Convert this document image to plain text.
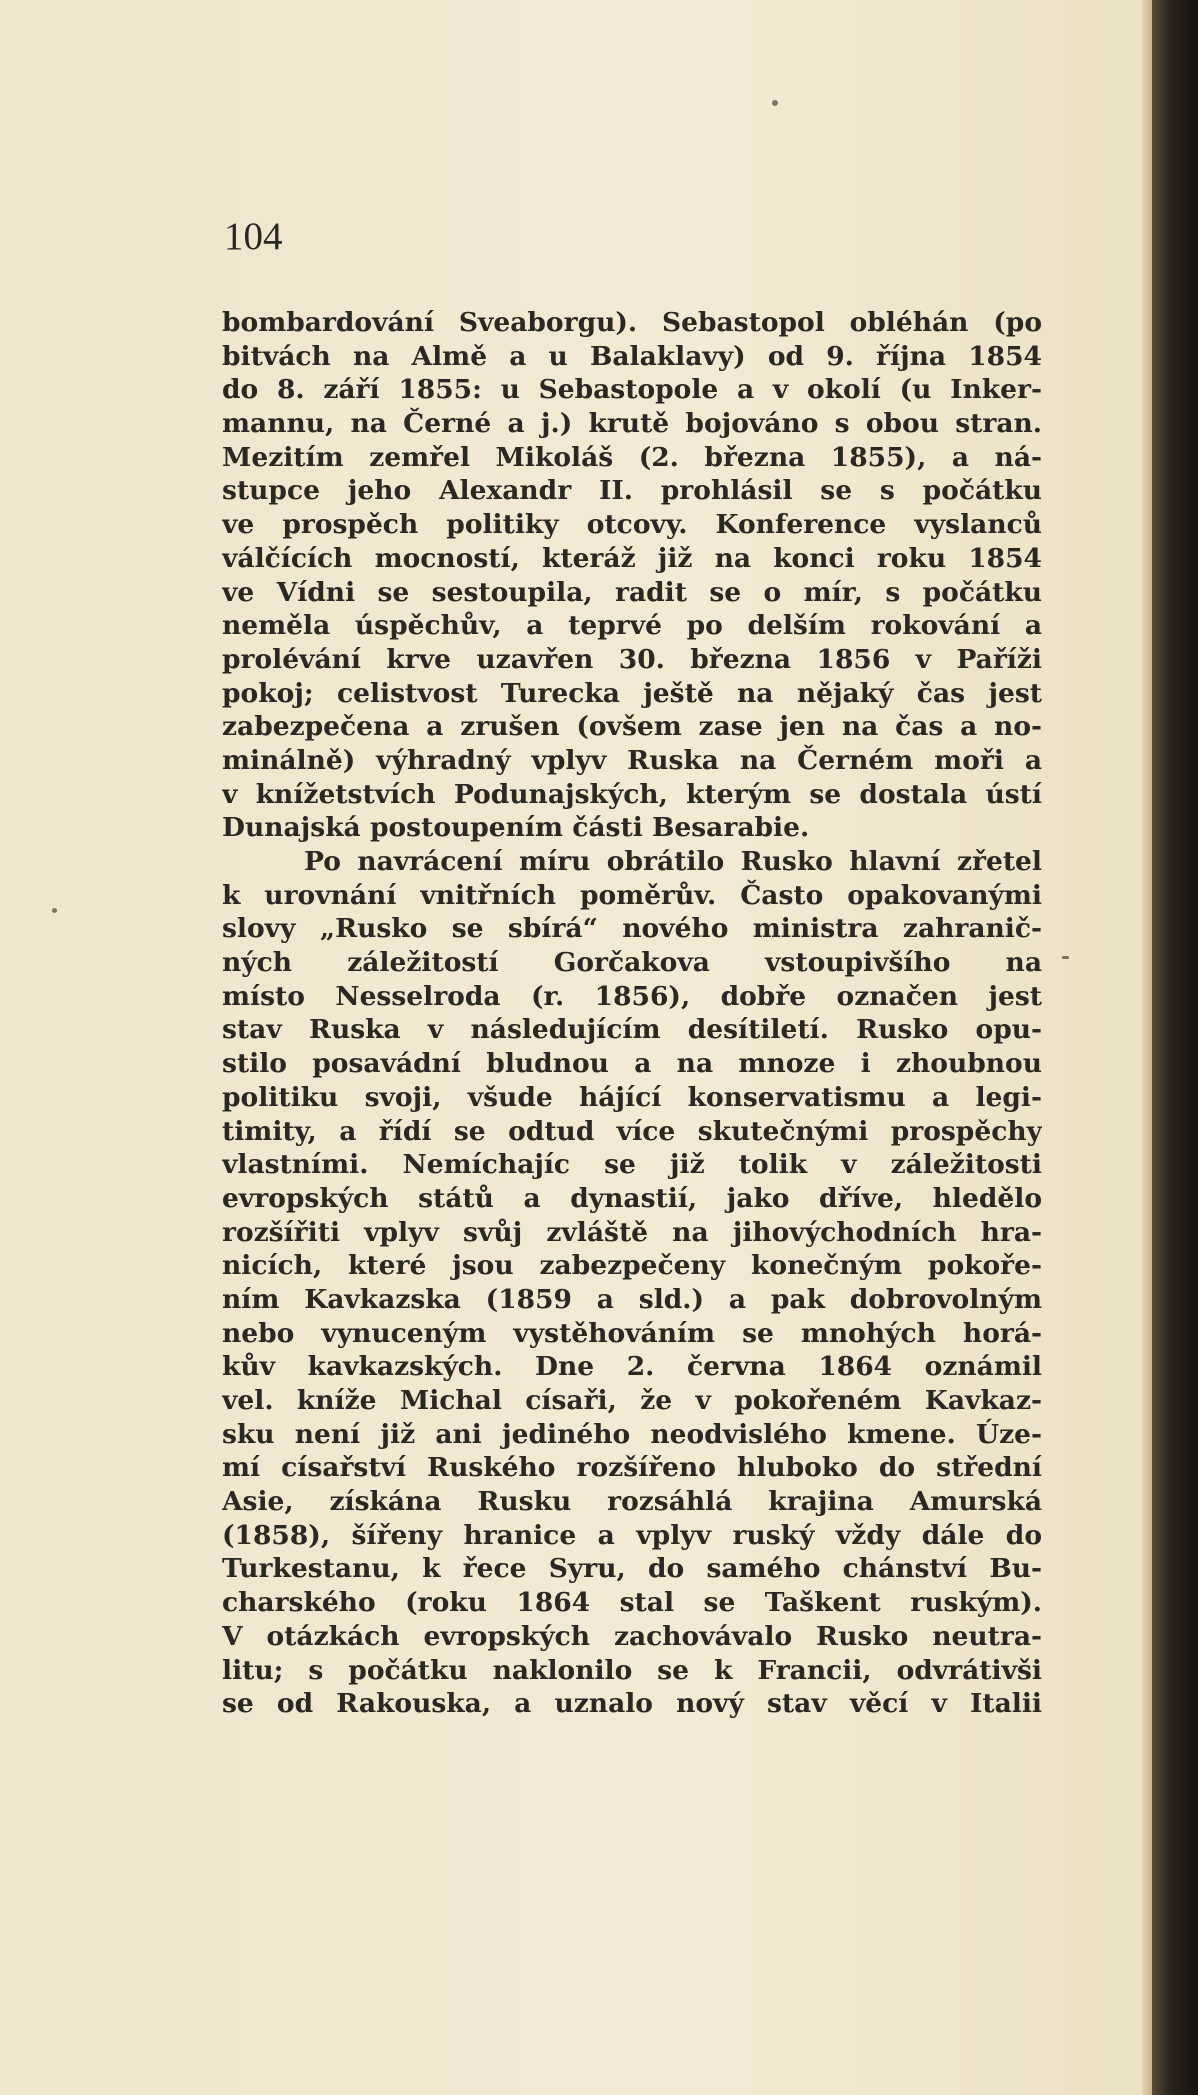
104
bombardování Sveaborgu). Sebastopol obléhán (po
bitvách na Almě a u Balaklavy) od 9. října 1854
do 8. září 1855: u Sebastopole a v okolí (u Inker-
mannu, na Černé a j.) krutě bojováno s obou stran.
Mezitím zemřel Mikoláš (2. března 1855), a ná-
stupce jeho Alexandr II. prohlásil se s počátku
ve prospěch politiky otcovy. Konference vyslanců
válčících mocností, kteráž již na konci roku 1854
ve Vídni se sestoupila, radit se o mír, s počátku
neměla úspěchův, a teprvé po delším rokování a
prolévání krve uzavřen 30. března 1856 v Paříži
pokoj; celistvost Turecka ještě na nějaký čas jest
zabezpečena a zrušen (ovšem zase jen na čas a no-
minálně) výhradný vplyv Ruska na Černém moři a
v knížetstvích Podunajských, kterým se dostala ústí
Dunajská postoupením části Besarabie.
Po navrácení míru obrátilo Rusko hlavní zřetel
k urovnání vnitřních poměrův. Často opakovanými
slovy „Rusko se sbírá“ nového ministra zahranič-
ných záležitostí Gorčakova vstoupivšího na
místo Nesselroda (r. 1856), dobře označen jest
stav Ruska v následujícím desítiletí. Rusko opu-
stilo posavádní bludnou a na mnoze i zhoubnou
politiku svoji, všude hájící konservatismu a legi-
timity, a řídí se odtud více skutečnými prospěchy
vlastními. Nemíchajíc se již tolik v záležitosti
evropských států a dynastií, jako dříve, hledělo
rozšířiti vplyv svůj zvláště na jihovýchodních hra-
nicích, které jsou zabezpečeny konečným pokoře-
ním Kavkazska (1859 a sld.) a pak dobrovolným
nebo vynuceným vystěhováním se mnohých horá-
kův kavkazských. Dne 2. června 1864 oznámil
vel. kníže Michal císaři, že v pokořeném Kavkaz-
sku není již ani jediného neodvislého kmene. Úze-
mí císařství Ruského rozšířeno hluboko do střední
Asie, získána Rusku rozsáhlá krajina Amurská
(1858), šířeny hranice a vplyv ruský vždy dále do
Turkestanu, k řece Syru, do samého chánství Bu-
charského (roku 1864 stal se Taškent ruským).
V otázkách evropských zachovávalo Rusko neutra-
litu; s počátku naklonilo se k Francii, odvrátivši
se od Rakouska, a uznalo nový stav věcí v Italii
